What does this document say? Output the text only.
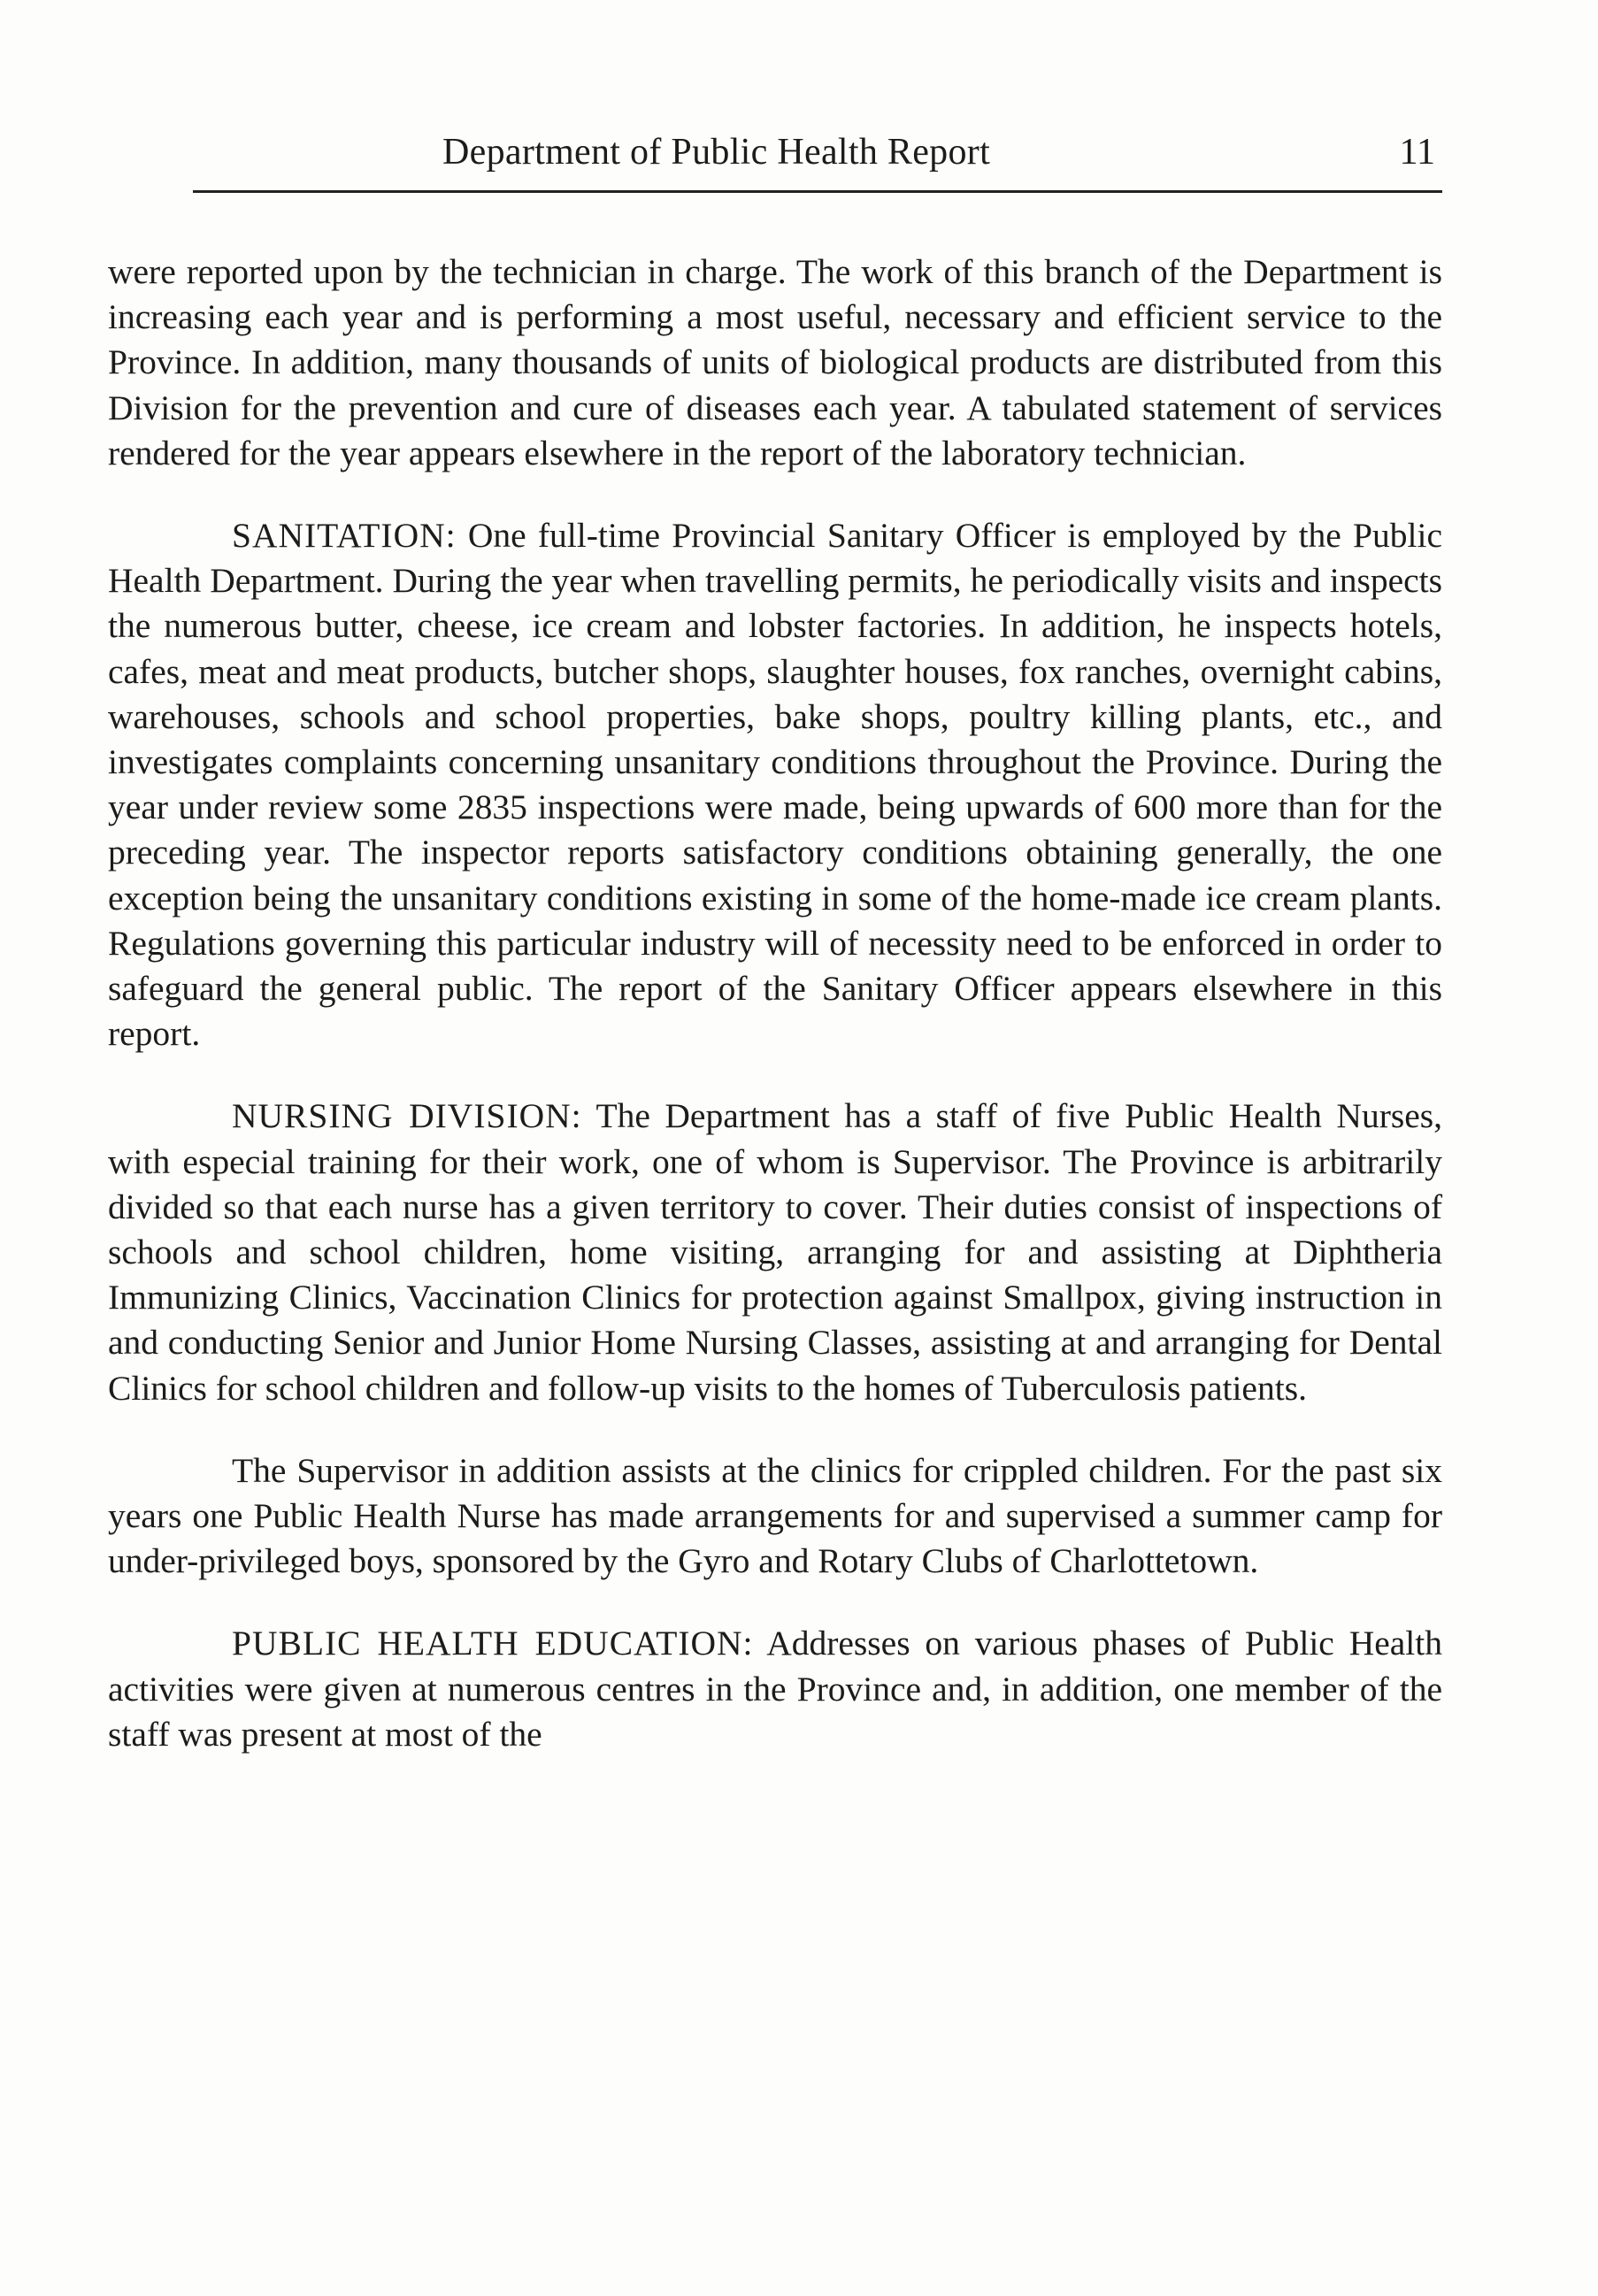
Department of Public Health Report	11

were reported upon by the technician in charge. The work of this branch of the Department is increasing each year and is performing a most useful, necessary and efficient service to the Province. In addition, many thousands of units of biological products are distributed from this Division for the prevention and cure of diseases each year. A tabulated statement of services rendered for the year appears elsewhere in the report of the laboratory technician.

SANITATION: One full-time Provincial Sanitary Officer is employed by the Public Health Department. During the year when travelling permits, he periodically visits and inspects the numerous butter, cheese, ice cream and lobster factories. In addition, he inspects hotels, cafes, meat and meat products, butcher shops, slaughter houses, fox ranches, overnight cabins, warehouses, schools and school properties, bake shops, poultry killing plants, etc., and investigates complaints concerning unsanitary conditions throughout the Province. During the year under review some 2835 inspections were made, being upwards of 600 more than for the preceding year. The inspector reports satisfactory conditions obtaining generally, the one exception being the unsanitary conditions existing in some of the home-made ice cream plants. Regulations governing this particular industry will of necessity need to be enforced in order to safeguard the general public. The report of the Sanitary Officer appears elsewhere in this report.

NURSING DIVISION: The Department has a staff of five Public Health Nurses, with especial training for their work, one of whom is Supervisor. The Province is arbitrarily divided so that each nurse has a given territory to cover. Their duties consist of inspections of schools and school children, home visiting, arranging for and assisting at Diphtheria Immunizing Clinics, Vaccination Clinics for protection against Smallpox, giving instruction in and conducting Senior and Junior Home Nursing Classes, assisting at and arranging for Dental Clinics for school children and follow-up visits to the homes of Tuberculosis patients.

The Supervisor in addition assists at the clinics for crippled children. For the past six years one Public Health Nurse has made arrangements for and supervised a summer camp for under-privileged boys, sponsored by the Gyro and Rotary Clubs of Charlottetown.

PUBLIC HEALTH EDUCATION: Addresses on various phases of Public Health activities were given at numerous centres in the Province and, in addition, one member of the staff was present at most of the
